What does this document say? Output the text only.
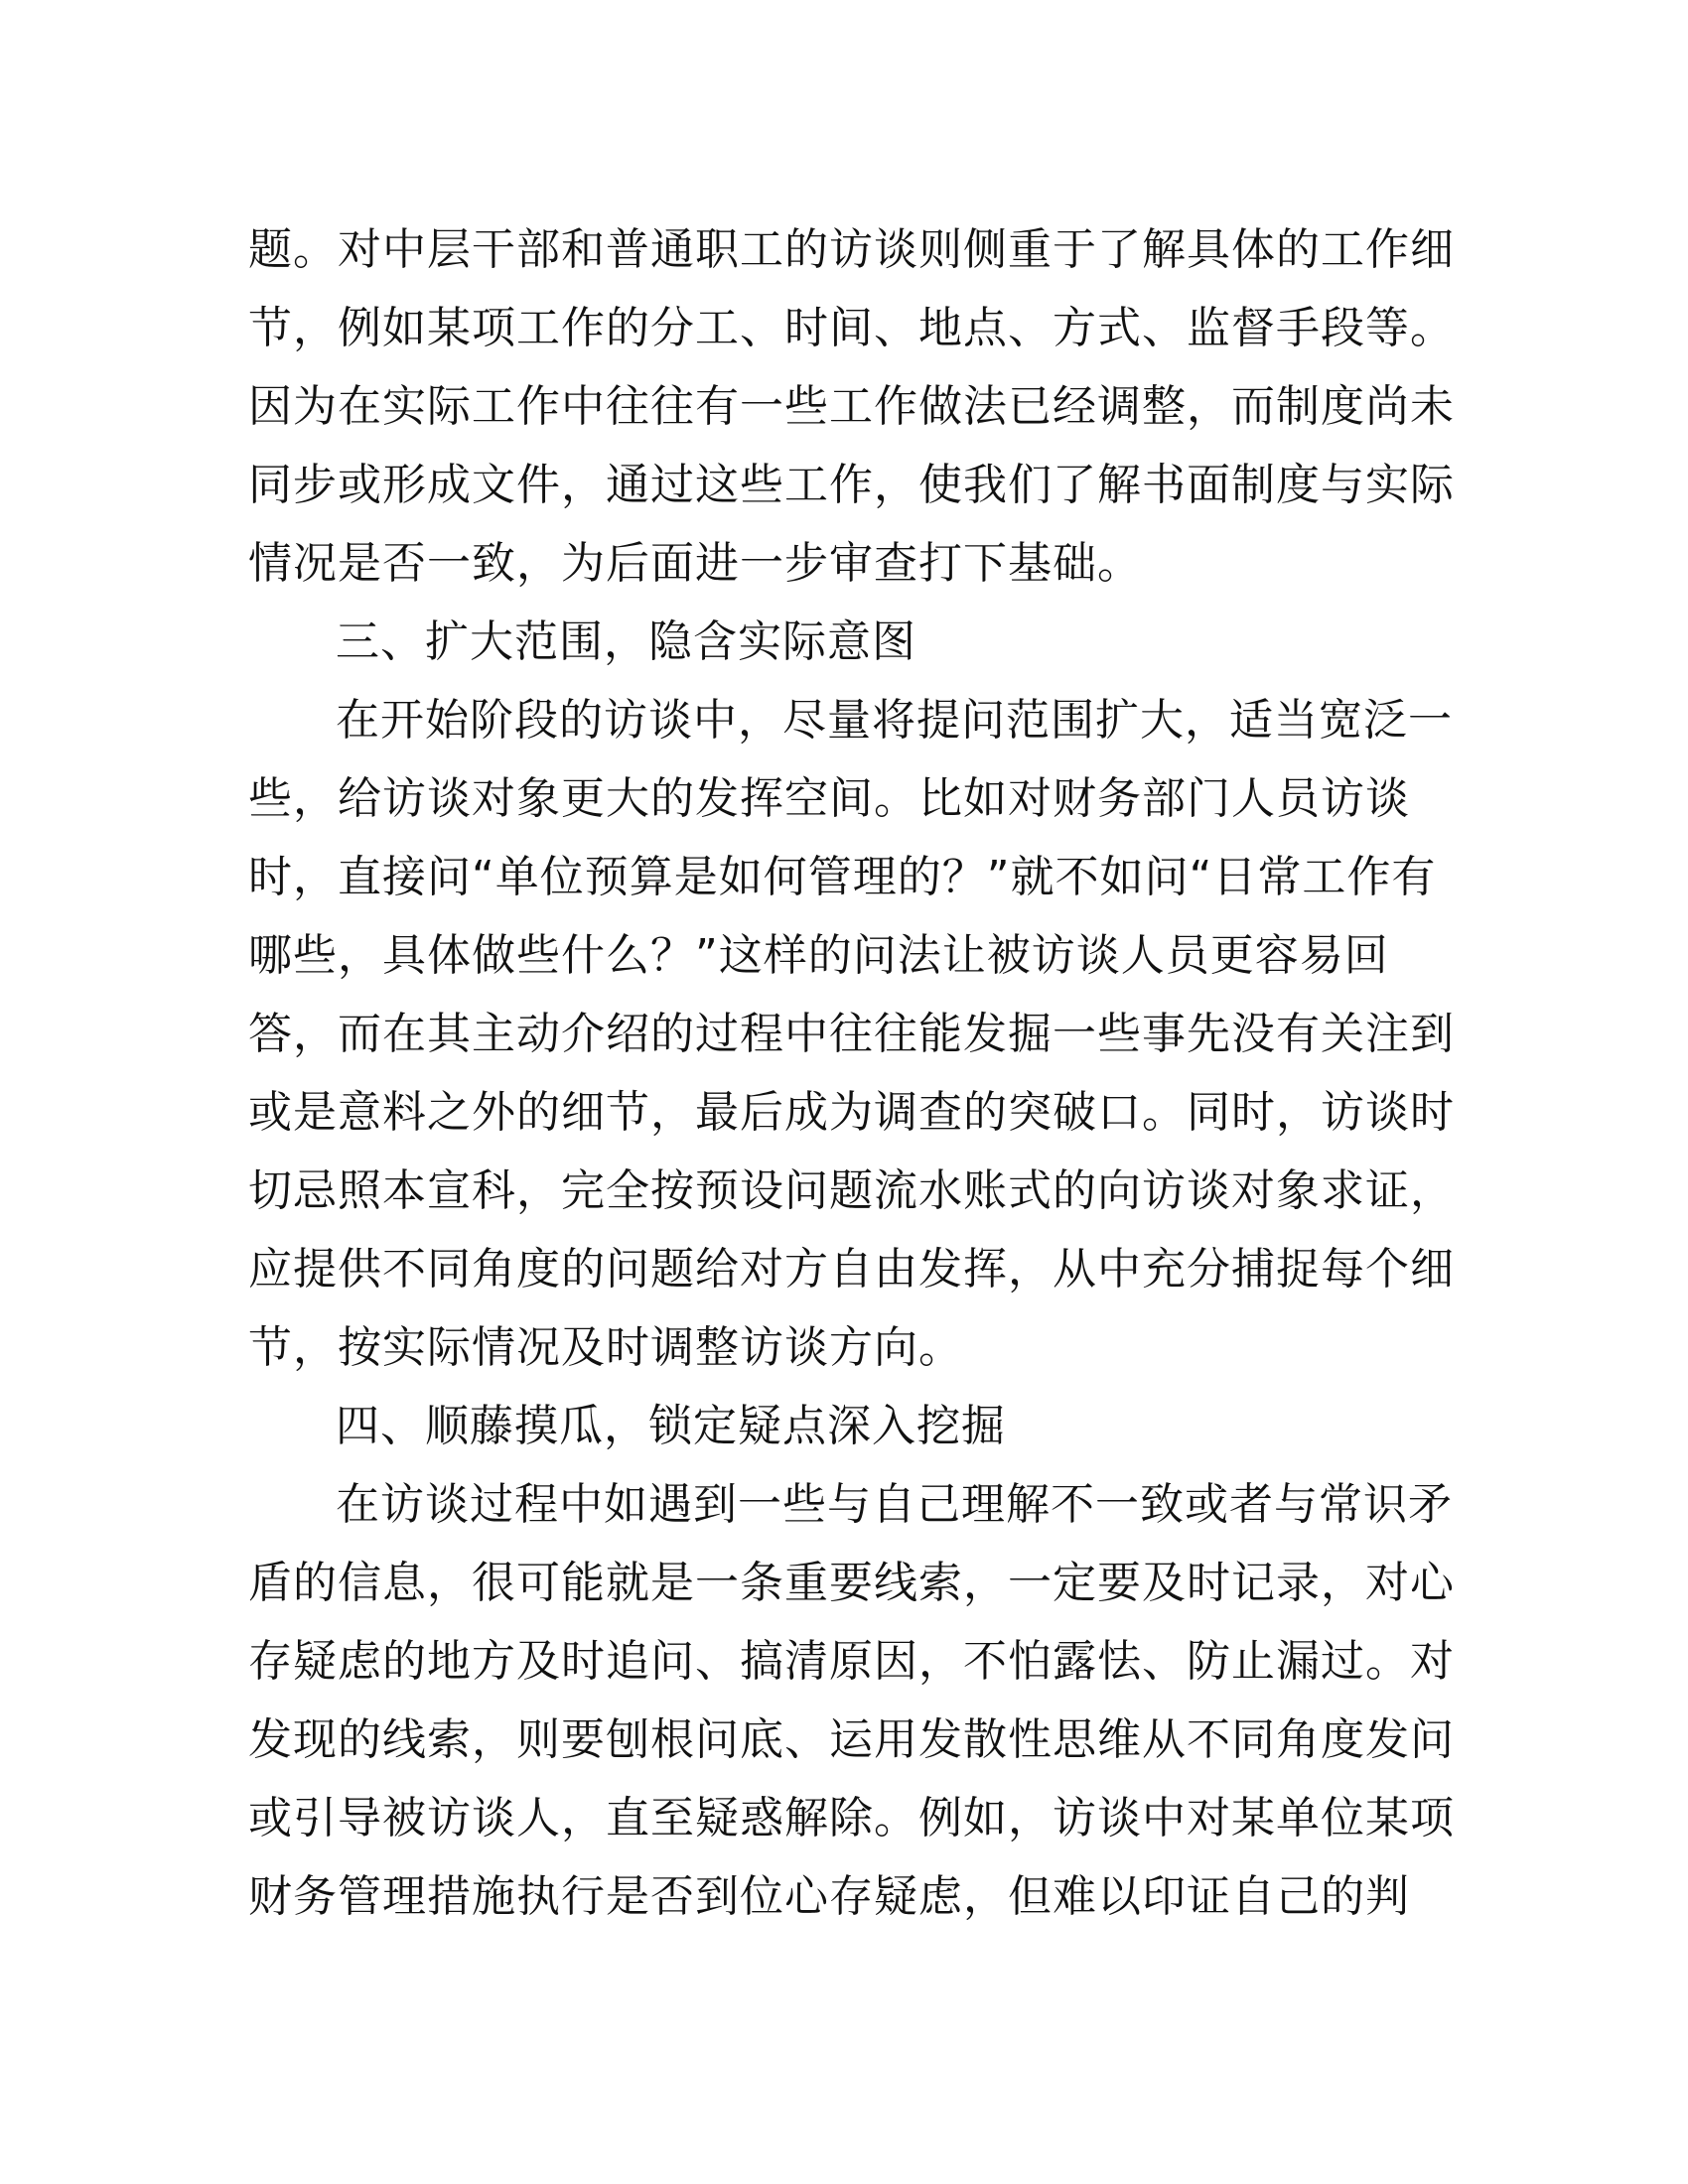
题。对中层干部和普通职工的访谈则侧重于了解具体的工作细
节，例如某项工作的分工、时间、地点、方式、监督手段等。
因为在实际工作中往往有一些工作做法已经调整，而制度尚未
同步或形成文件，通过这些工作，使我们了解书面制度与实际
情况是否一致，为后面进一步审查打下基础。
三、扩大范围，隐含实际意图
在开始阶段的访谈中，尽量将提问范围扩大，适当宽泛一
些，给访谈对象更大的发挥空间。比如对财务部门人员访谈
时，直接问“单位预算是如何管理的？”就不如问“日常工作有
哪些，具体做些什么？”这样的问法让被访谈人员更容易回
答，而在其主动介绍的过程中往往能发掘一些事先没有关注到
或是意料之外的细节，最后成为调查的突破口。同时，访谈时
切忌照本宣科，完全按预设问题流水账式的向访谈对象求证，
应提供不同角度的问题给对方自由发挥，从中充分捕捉每个细
节，按实际情况及时调整访谈方向。
四、顺藤摸瓜，锁定疑点深入挖掘
在访谈过程中如遇到一些与自己理解不一致或者与常识矛
盾的信息，很可能就是一条重要线索，一定要及时记录，对心
存疑虑的地方及时追问、搞清原因，不怕露怯、防止漏过。对
发现的线索，则要刨根问底、运用发散性思维从不同角度发问
或引导被访谈人，直至疑惑解除。例如，访谈中对某单位某项
财务管理措施执行是否到位心存疑虑，但难以印证自己的判
